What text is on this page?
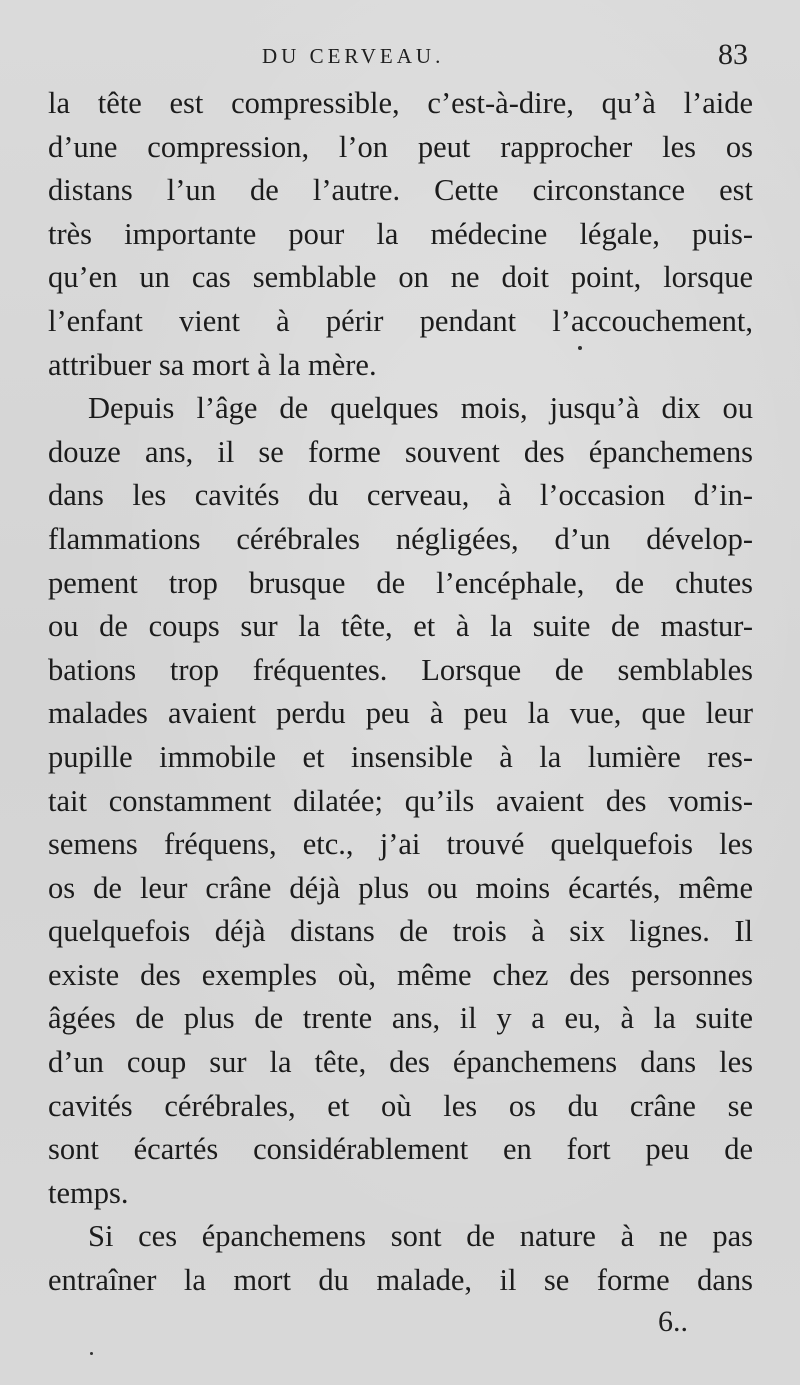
DU CERVEAU.	83
la tête est compressible, c’est-à-dire, qu’à l’aide
d’une compression, l’on peut rapprocher les os
distans l’un de l’autre. Cette circonstance est
très importante pour la médecine légale, puis-
qu’en un cas semblable on ne doit point, lorsque
l’enfant vient à périr pendant l’accouchement,
attribuer sa mort à la mère.
Depuis l’âge de quelques mois, jusqu’à dix ou
douze ans, il se forme souvent des épanchemens
dans les cavités du cerveau, à l’occasion d’in-
flammations cérébrales négligées, d’un dévelop-
pement trop brusque de l’encéphale, de chutes
ou de coups sur la tête, et à la suite de mastur-
bations trop fréquentes. Lorsque de semblables
malades avaient perdu peu à peu la vue, que leur
pupille immobile et insensible à la lumière res-
tait constamment dilatée; qu’ils avaient des vomis-
semens fréquens, etc., j’ai trouvé quelquefois les
os de leur crâne déjà plus ou moins écartés, même
quelquefois déjà distans de trois à six lignes. Il
existe des exemples où, même chez des personnes
âgées de plus de trente ans, il y a eu, à la suite
d’un coup sur la tête, des épanchemens dans les
cavités cérébrales, et où les os du crâne se
sont écartés considérablement en fort peu de
temps.
Si ces épanchemens sont de nature à ne pas
entraîner la mort du malade, il se forme dans
6..
